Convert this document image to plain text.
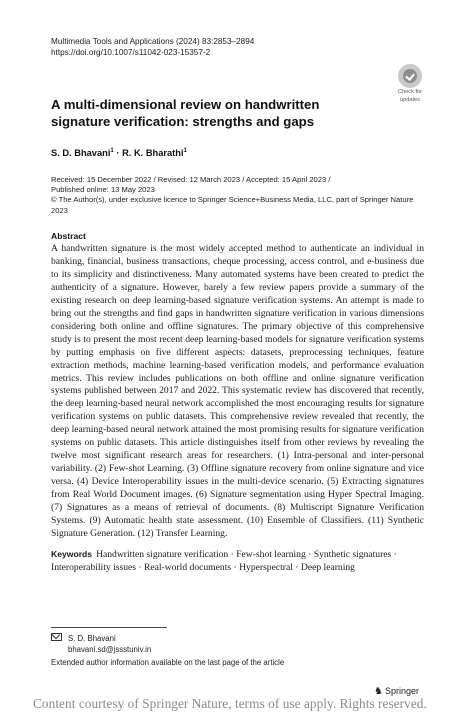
Multimedia Tools and Applications (2024) 83:2853–2894
https://doi.org/10.1007/s11042-023-15357-2
Check for
updates
A multi-dimensional review on handwritten signature verification: strengths and gaps
S. D. Bhavani$^1$ · R. K. Bharathi$^1$
Received: 15 December 2022 / Revised: 12 March 2023 / Accepted: 15 April 2023 /
Published online: 13 May 2023
© The Author(s), under exclusive licence to Springer Science+Business Media, LLC, part of Springer Nature 2023
Abstract
A handwritten signature is the most widely accepted method to authenticate an individual in banking, financial, business transactions, cheque processing, access control, and e-business due to its simplicity and distinctiveness. Many automated systems have been created to predict the authenticity of a signature. However, barely a few review papers provide a summary of the existing research on deep learning-based signature verification systems. An attempt is made to bring out the strengths and find gaps in handwritten signature verification in various dimensions considering both online and offline signatures. The primary objective of this comprehensive study is to present the most recent deep learning-based models for signature verification systems by putting emphasis on five different aspects: datasets, preprocessing techniques, feature extraction methods, machine learning-based verification models, and performance evaluation metrics. This review includes publications on both offline and online signature verification systems published between 2017 and 2022. This systematic review has discovered that recently, the deep learning-based neural network accomplished the most encouraging results for signature verification systems on public datasets. This comprehensive review revealed that recently, the deep learning-based neural network attained the most promising results for signature verification systems on public datasets. This article distinguishes itself from other reviews by revealing the twelve most significant research areas for researchers. (1) Intra-personal and inter-personal variability. (2) Few-shot Learning. (3) Offline signature recovery from online signature and vice versa. (4) Device Interoperability issues in the multi-device scenario. (5) Extracting signatures from Real World Document images. (6) Signature segmentation using Hyper Spectral Imaging. (7) Signatures as a means of retrieval of documents. (8) Multiscript Signature Verification Systems. (9) Automatic health state assessment. (10) Ensemble of Classifiers. (11) Synthetic Signature Generation. (12) Transfer Learning.
Keywords Handwritten signature verification · Few-shot learning · Synthetic signatures · Interoperability issues · Real-world documents · Hyperspectral · Deep learning
S. D. Bhavani
bhavani.sd@jssstuniv.in
Extended author information available on the last page of the article
♞ Springer
Content courtesy of Springer Nature, terms of use apply. Rights reserved.
